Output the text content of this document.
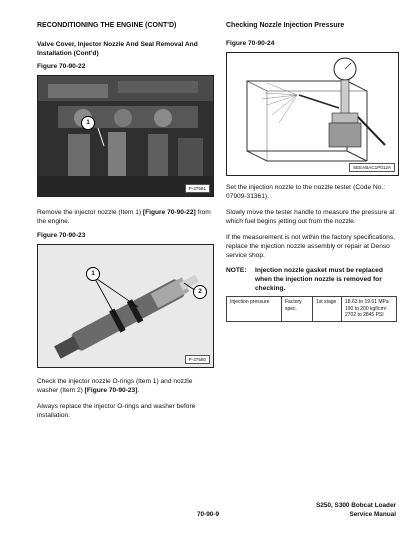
RECONDITIONING THE ENGINE (CONT'D)
Valve Cover, Injector Nozzle And Seal Removal And Installation (Cont'd)
Figure 70-90-22
1
P-37581
Remove the injector nozzle (Item 1) [Figure 70-90-22] from the engine.
Figure 70-90-23
1
2
P-37580
Check the injector nozzle O-rings (Item 1) and nozzle washer (Item 2) [Figure 70-90-23].
Always replace the injector O-rings and washer before installation.
Checking Nozzle Injection Pressure
Figure 70-90-24
SEEABAC1P012A
Set the injection nozzle to the nozzle tester (Code No.: 07909-31361).
Slowly move the tester handle to measure the pressure at which fuel begins jetting out from the nozzle.
If the measurement is not within the factory specifications, replace the injection nozzle assembly or repair at Denso service shop.
NOTE: Injection nozzle gasket must be replaced when the injection nozzle is removed for checking.
Injection pressure	Factory spec.	1st stage	18.63 to 19.61 MPa
190 to 200 kgf/cm²
2702 to 2845 PSI
70-90-9
S250, S300 Bobcat Loader
Service Manual
